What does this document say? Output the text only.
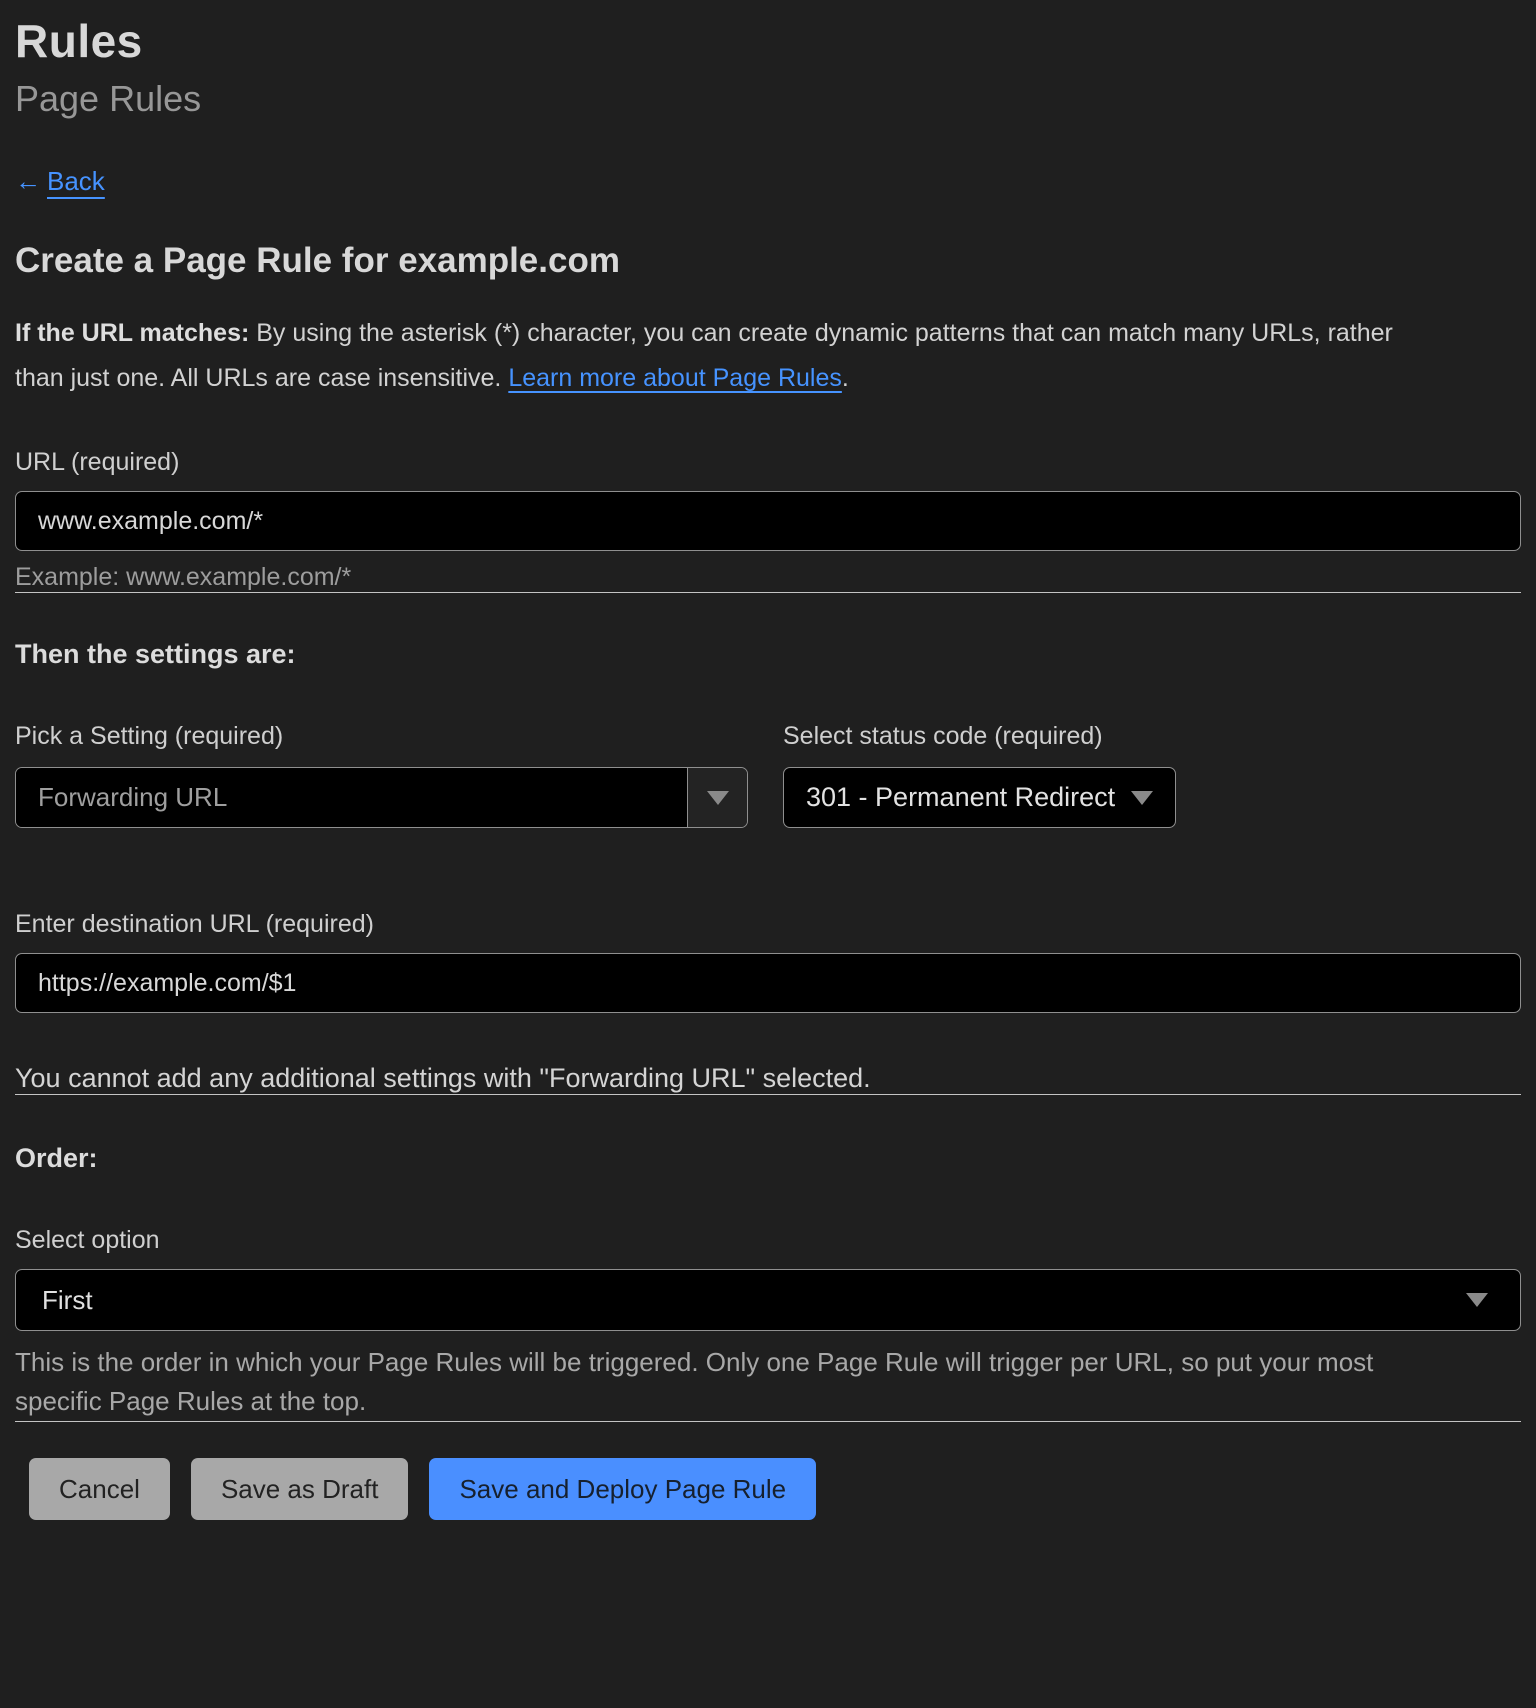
Rules
Page Rules
← Back
Create a Page Rule for example.com

If the URL matches: By using the asterisk (*) character, you can create dynamic patterns that can match many URLs, rather than just one. All URLs are case insensitive. Learn more about Page Rules.

URL (required)
www.example.com/*
Example: www.example.com/*
Then the settings are:
Pick a Setting (required)
Forwarding URL
Select status code (required)
301 - Permanent Redirect
Enter destination URL (required)
https://example.com/$1

You cannot add any additional settings with "Forwarding URL" selected.

Order:
Select option
First

This is the order in which your Page Rules will be triggered. Only one Page Rule will trigger per URL, so put your most specific Page Rules at the top.

Cancel	Save as Draft	Save and Deploy Page Rule
